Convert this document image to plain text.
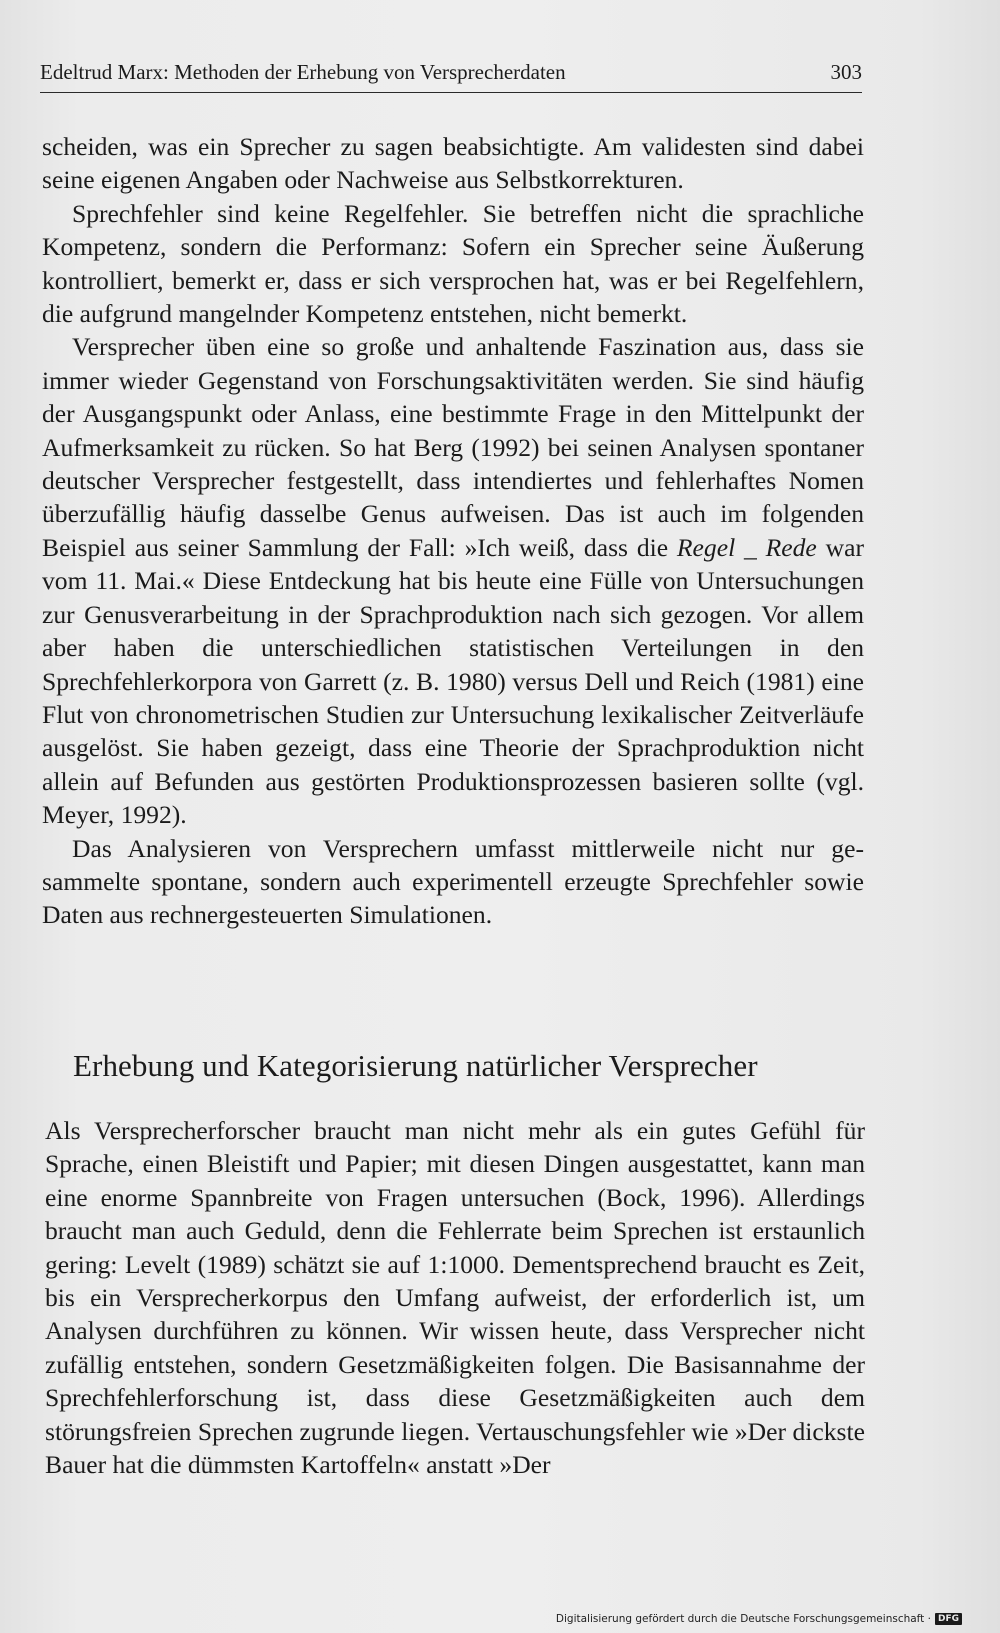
Edeltrud Marx: Methoden der Erhebung von Versprecherdaten	303

scheiden, was ein Sprecher zu sagen beabsichtigte. Am validesten sind dabei seine eigenen Angaben oder Nachweise aus Selbstkorrekturen.

Sprechfehler sind keine Regelfehler. Sie betreffen nicht die sprachliche Kompetenz, sondern die Performanz: Sofern ein Sprecher seine Äußerung kontrolliert, bemerkt er, dass er sich versprochen hat, was er bei Regelfehlern, die aufgrund mangelnder Kompetenz entstehen, nicht bemerkt.

Versprecher üben eine so große und anhaltende Faszination aus, dass sie immer wieder Gegenstand von Forschungsaktivitäten werden. Sie sind häufig der Ausgangspunkt oder Anlass, eine bestimmte Frage in den Mittelpunkt der Aufmerksamkeit zu rücken. So hat Berg (1992) bei seinen Analysen spontaner deutscher Versprecher festgestellt, dass intendiertes und fehlerhaftes Nomen überzufällig häufig dasselbe Genus aufweisen. Das ist auch im folgenden Beispiel aus seiner Sammlung der Fall: »Ich weiß, dass die Regel _ Rede war vom 11. Mai.« Diese Entdeckung hat bis heute eine Fülle von Untersuchungen zur Genusverarbeitung in der Sprachproduktion nach sich gezogen. Vor allem aber haben die unterschiedlichen statistischen Verteilungen in den Sprechfehlerkorpora von Garrett (z. B. 1980) versus Dell und Reich (1981) eine Flut von chronometrischen Studien zur Untersuchung lexikalischer Zeitverläufe ausgelöst. Sie haben gezeigt, dass eine Theorie der Sprachproduktion nicht allein auf Befunden aus gestörten Produktionsprozessen basieren sollte (vgl. Meyer, 1992).

Das Analysieren von Versprechern umfasst mittlerweile nicht nur gesammelte spontane, sondern auch experimentell erzeugte Sprechfehler sowie Daten aus rechnergesteuerten Simulationen.

Erhebung und Kategorisierung natürlicher Versprecher

Als Versprecherforscher braucht man nicht mehr als ein gutes Gefühl für Sprache, einen Bleistift und Papier; mit diesen Dingen ausgestattet, kann man eine enorme Spannbreite von Fragen untersuchen (Bock, 1996). Allerdings braucht man auch Geduld, denn die Fehlerrate beim Sprechen ist erstaunlich gering: Levelt (1989) schätzt sie auf 1:1000. Dementsprechend braucht es Zeit, bis ein Versprecherkorpus den Umfang aufweist, der erforderlich ist, um Analysen durchführen zu können. Wir wissen heute, dass Versprecher nicht zufällig entstehen, sondern Gesetzmäßigkeiten folgen. Die Basisannahme der Sprechfehlerforschung ist, dass diese Gesetzmäßigkeiten auch dem störungsfreien Sprechen zugrunde liegen. Vertauschungsfehler wie »Der dickste Bauer hat die dümmsten Kartoffeln« anstatt »Der

Digitalisierung gefördert durch die Deutsche Forschungsgemeinschaft · DFG
